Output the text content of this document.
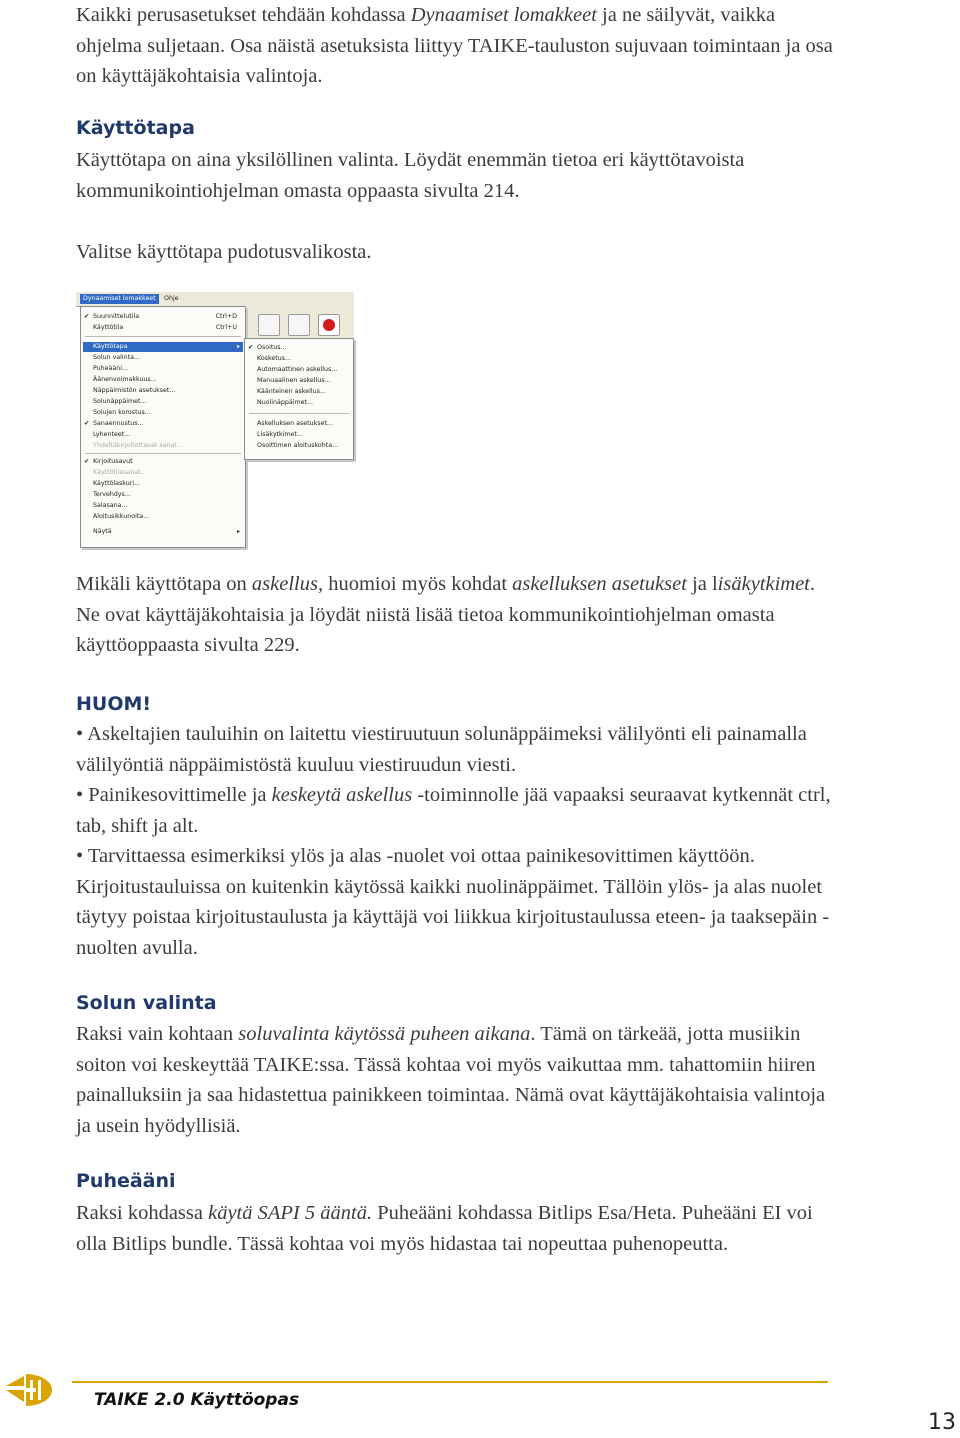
Kaikki perusasetukset tehdään kohdassa Dynaamiset lomakkeet ja ne säilyvät, vaikka ohjelma suljetaan. Osa näistä asetuksista liittyy TAIKE-tauluston sujuvaan toimintaan ja osa on käyttäjäkohtaisia valintoja.

Käyttötapa

Käyttötapa on aina yksilöllinen valinta. Löydät enemmän tietoa eri käyttötavoista kommunikointiohjelman omasta oppaasta sivulta 214.

Valitse käyttötapa pudotusvalikosta.

Dynaamiset lomakkeet	Ohje
✔ Suunnittelutila	Ctrl+D
Käyttötila	Ctrl+U
Käyttötapa	▸
Solun valinta...
Puheääni...
Äänenvoimakkuus...
Näppäimistön asetukset...
Solunäppäimet...
Solujen korostus...
✔ Sanaennustus...
Lyhenteet...
Yhdeltäkirjoitettavat sanat...
✔ Kirjoitusavut
Käyttötilasanat...
Käyttölaskuri...
Tervehdys...
Salasana...
Aloitusikkunoita...
Näytä	▸
✔ Osoitus...
Kosketus...
Automaattinen askellus...
Manuaalinen askellus...
Käänteinen askellus...
Nuolinäppäimet...
Askelluksen asetukset...
Lisäkytkimet...
Osoittimen aloituskohta...

Mikäli käyttötapa on askellus, huomioi myös kohdat askelluksen asetukset ja lisäkytkimet. Ne ovat käyttäjäkohtaisia ja löydät niistä lisää tietoa kommunikointiohjelman omasta käyttöoppaasta sivulta 229.

HUOM!

• Askeltajien tauluihin on laitettu viestiruutuun solunäppäimeksi välilyönti eli painamalla välilyöntiä näppäimistöstä kuuluu viestiruudun viesti.

• Painikesovittimelle ja keskeytä askellus -toiminnolle jää vapaaksi seuraavat kytkennät ctrl, tab, shift ja alt.

• Tarvittaessa esimerkiksi ylös ja alas -nuolet voi ottaa painikesovittimen käyttöön. Kirjoitustauluissa on kuitenkin käytössä kaikki nuolinäppäimet. Tällöin ylös- ja alas nuolet täytyy poistaa kirjoitustaulusta ja käyttäjä voi liikkua kirjoitustaulussa eteen- ja taaksepäin -nuolten avulla.

Solun valinta

Raksi vain kohtaan soluvalinta käytössä puheen aikana. Tämä on tärkeää, jotta musiikin soiton voi keskeyttää TAIKE:ssa. Tässä kohtaa voi myös vaikuttaa mm. tahattomiin hiiren painalluksiin ja saa hidastettua painikkeen toimintaa. Nämä ovat käyttäjäkohtaisia valintoja ja usein hyödyllisiä.

Puheääni

Raksi kohdassa käytä SAPI 5 ääntä. Puheääni kohdassa Bitlips Esa/Heta. Puheääni EI voi olla Bitlips bundle. Tässä kohtaa voi myös hidastaa tai nopeuttaa puhenopeutta.

TAIKE 2.0 Käyttöopas
13
